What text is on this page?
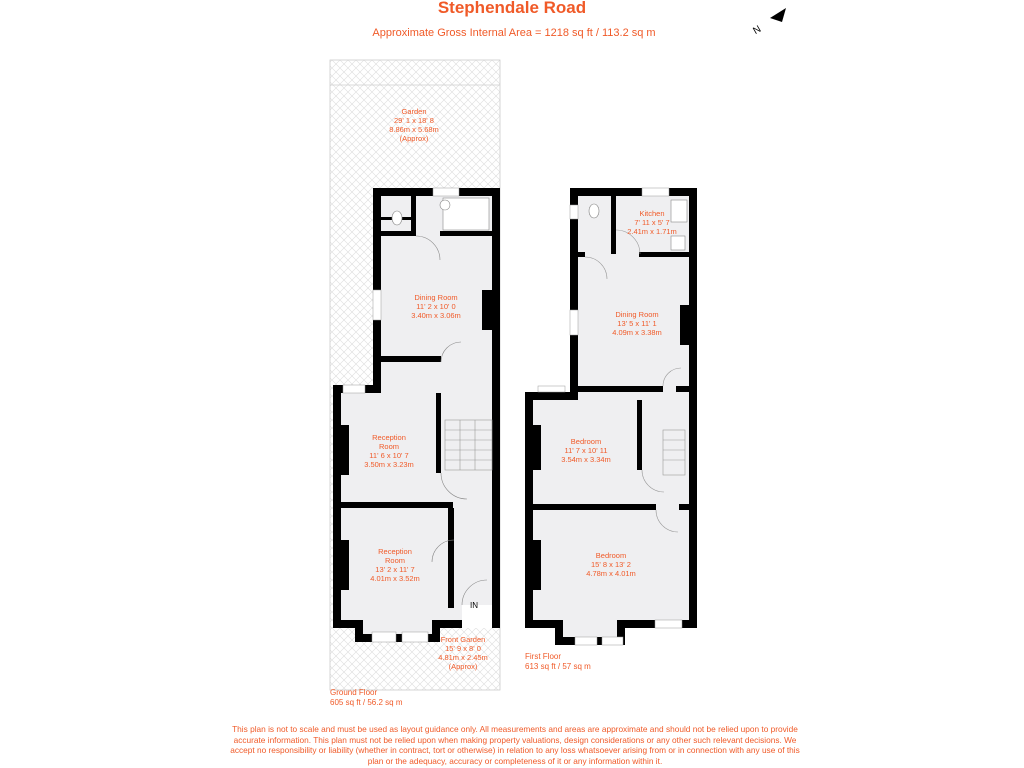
Stephendale Road
Approximate Gross Internal Area = 1218 sq ft / 113.2 sq m	N
Garden
29' 1 x 18' 8
8.86m x 5.68m
(Approx)
Dining Room
11' 2 x 10' 0
3.40m x 3.06m
Reception
Room
11' 6 x 10' 7
3.50m x 3.23m
Reception
Room
13' 2 x 11' 7
4.01m x 3.52m
Front Garden
15' 9 x 8' 0
4.81m x 2.45m
(Approx)
IN
Ground Floor
605 sq ft / 56.2 sq m
Kitchen
7' 11 x 5' 7
2.41m x 1.71m
Dining Room
13' 5 x 11' 1
4.09m x 3.38m
Bedroom
11' 7 x 10' 11
3.54m x 3.34m
Bedroom
15' 8 x 13' 2
4.78m x 4.01m
First Floor
613 sq ft / 57 sq m
This plan is not to scale and must be used as layout guidance only. All measurements and areas are approximate and should not be relied upon to provide accurate information. This plan must not be relied upon when making property valuations, design considerations or any other such relevant decisions. We accept no responsibility or liability (whether in contract, tort or otherwise) in relation to any loss whatsoever arising from or in connection with any use of this plan or the adequacy, accuracy or completeness of it or any information within it.
